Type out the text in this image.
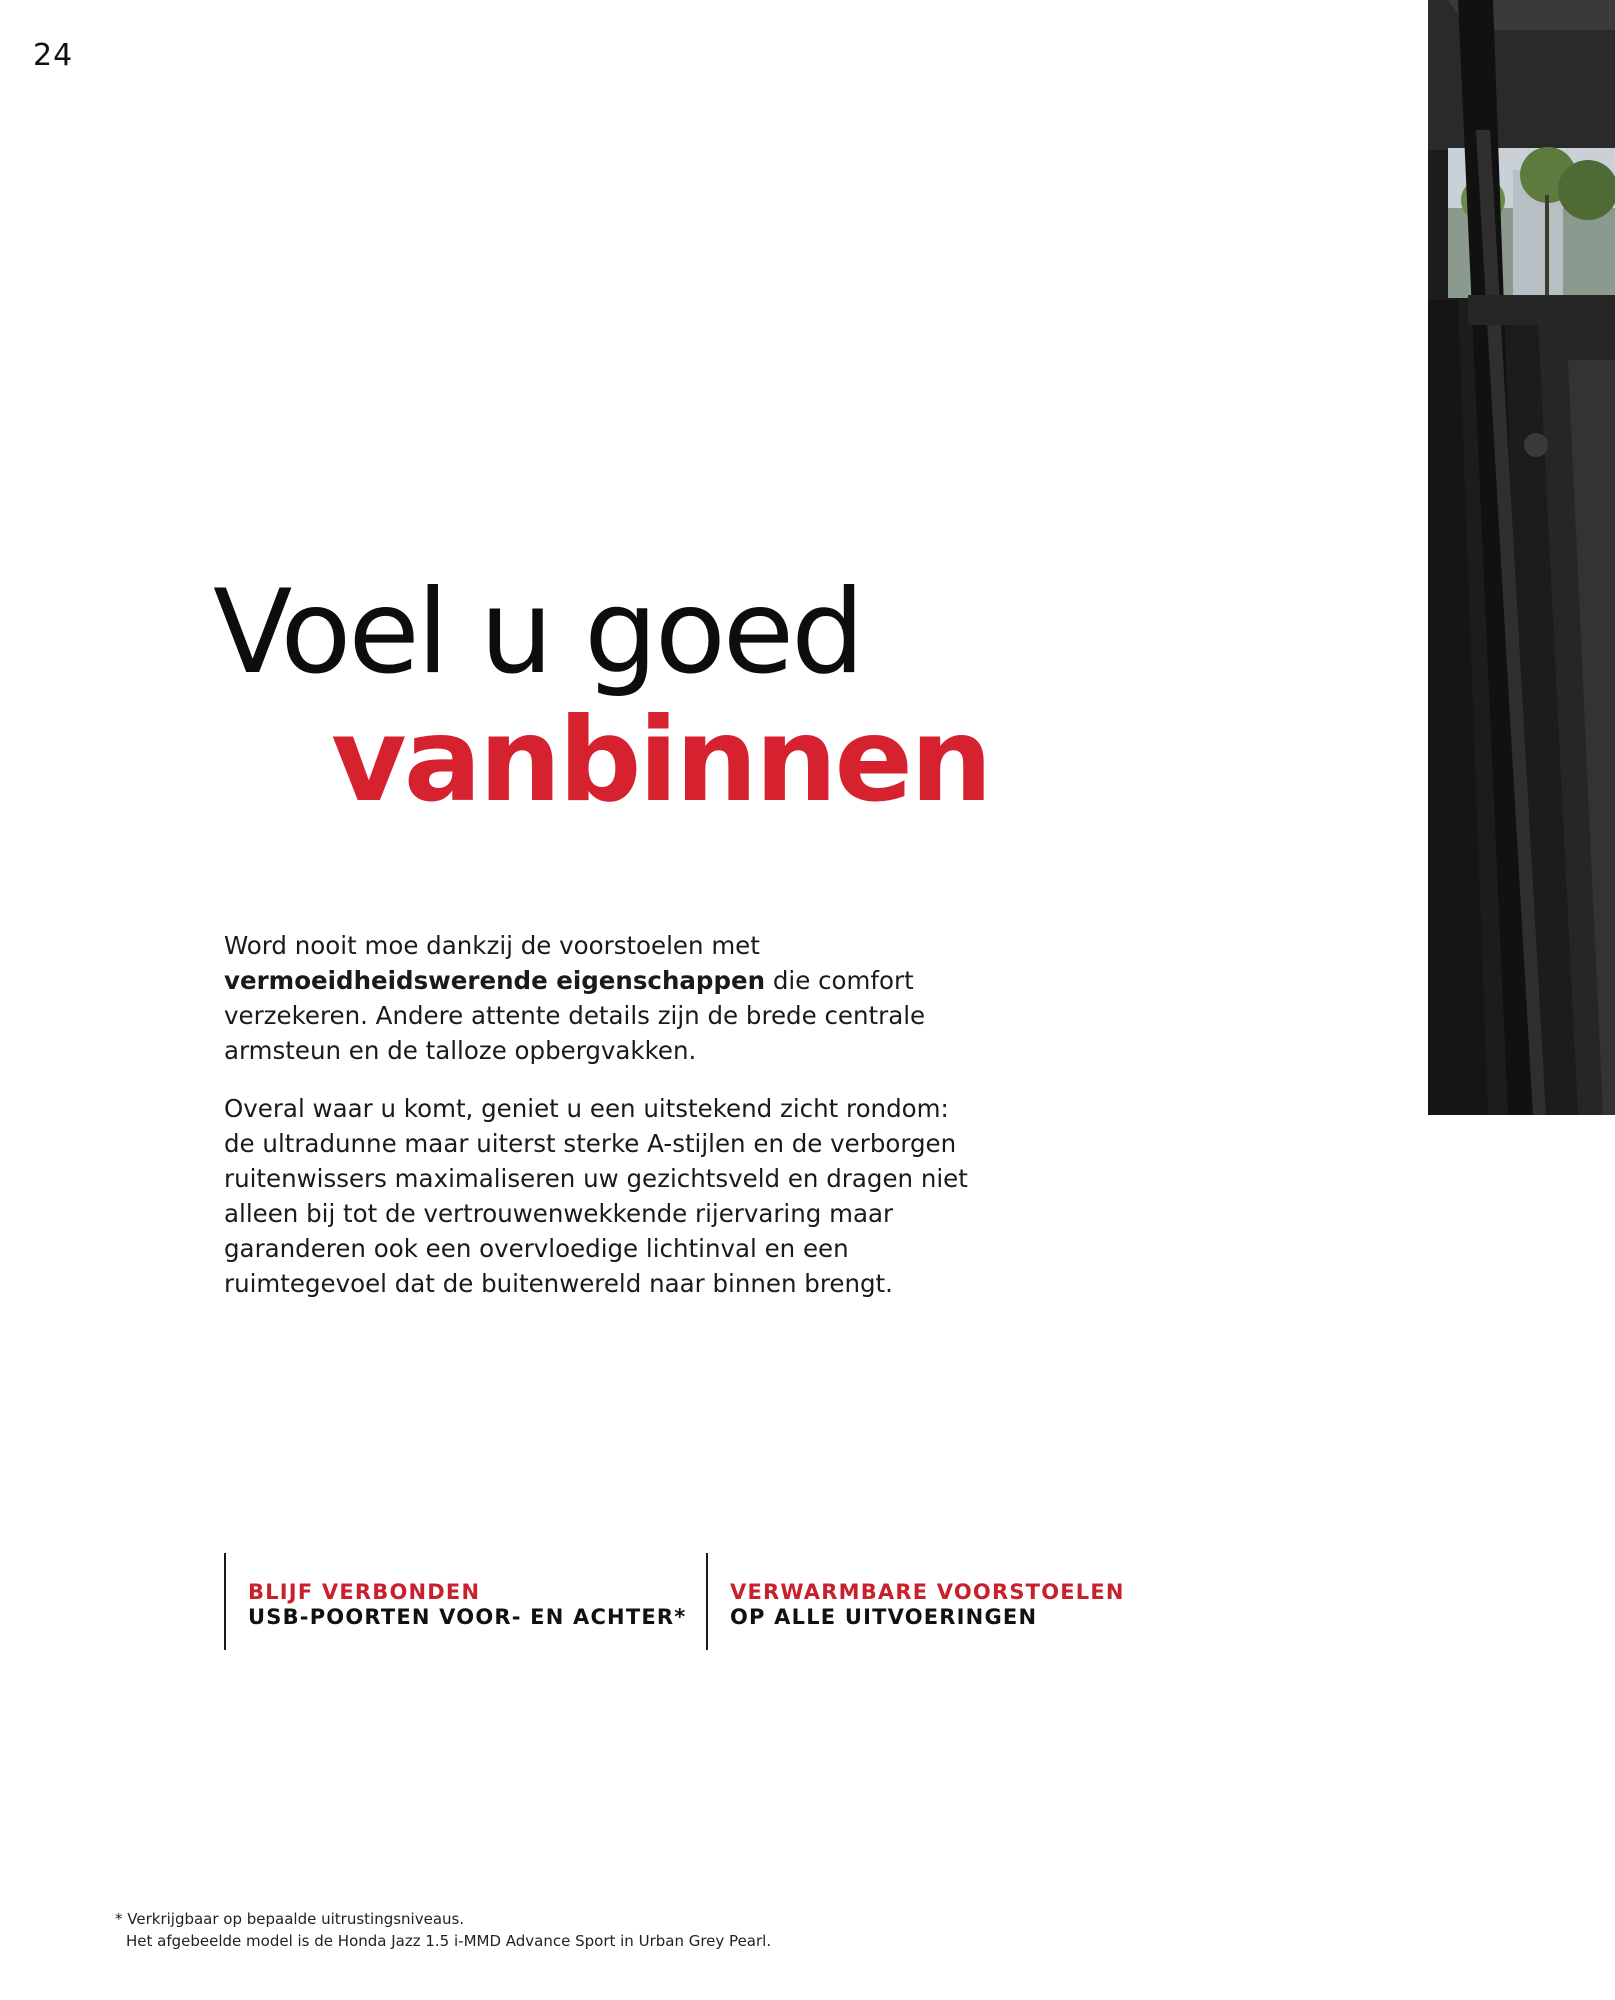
24
Voel u goed
vanbinnen

Word nooit moe dankzij de voorstoelen met vermoeidheidswerende eigenschappen die comfort verzekeren. Andere attente details zijn de brede centrale armsteun en de talloze opbergvakken.

Overal waar u komt, geniet u een uitstekend zicht rondom: de ultradunne maar uiterst sterke A-stijlen en de verborgen ruitenwissers maximaliseren uw gezichtsveld en dragen niet alleen bij tot de vertrouwenwekkende rijervaring maar garanderen ook een overvloedige lichtinval en een ruimtegevoel dat de buitenwereld naar binnen brengt.

BLIJF VERBONDEN
USB-POORTEN VOOR- EN ACHTER*
VERWARMBARE VOORSTOELEN
OP ALLE UITVOERINGEN
* Verkrijgbaar op bepaalde uitrustingsniveaus.
Het afgebeelde model is de Honda Jazz 1.5 i-MMD Advance Sport in Urban Grey Pearl.
